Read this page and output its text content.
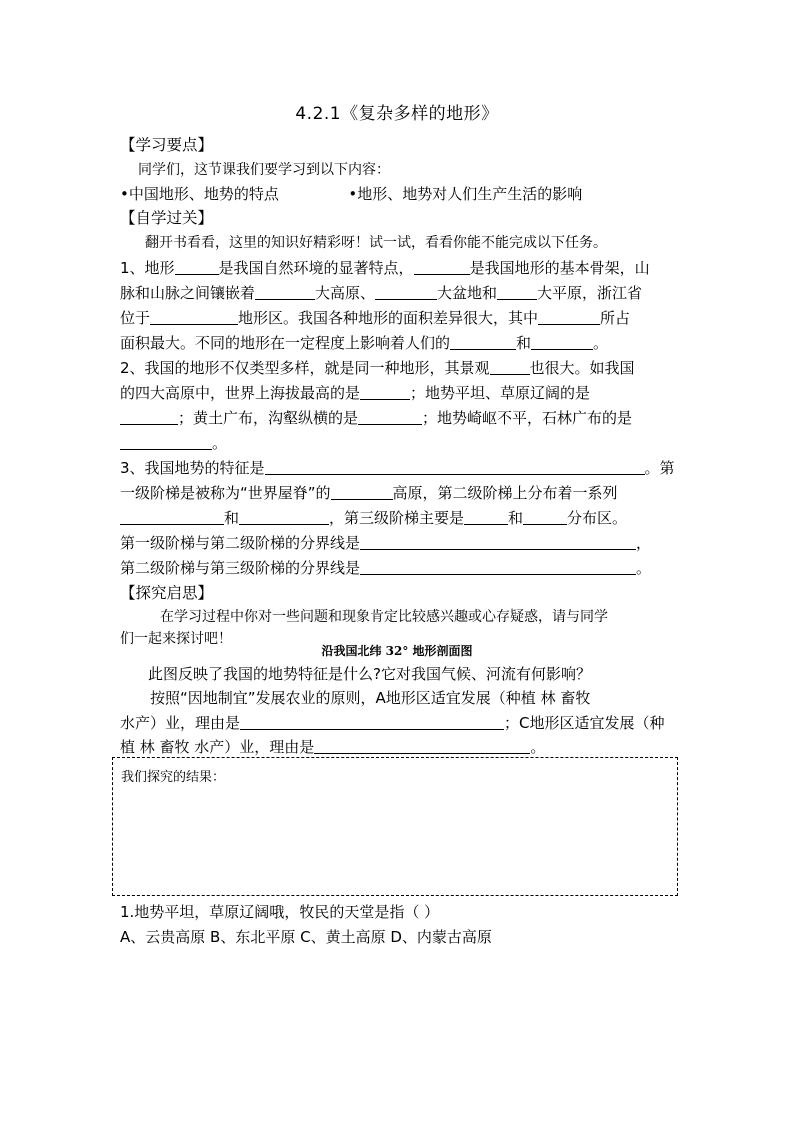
4.2.1《复杂多样的地形》
【学习要点】
同学们，这节课我们要学习到以下内容：
•中国地形、地势的特点	•地形、地势对人们生产生活的影响
【自学过关】
翻开书看看，这里的知识好精彩呀！试一试，看看你能不能完成以下任务。
1、地形	是我国自然环境的显著特点，	是我国地形的基本骨架，山
脉和山脉之间镶嵌着	大高原、	大盆地和	大平原，浙江省
位于	地形区。我国各种地形的面积差异很大，其中	所占
面积最大。不同的地形在一定程度上影响着人们的	和	。
2、我国的地形不仅类型多样，就是同一种地形，其景观	也很大。如我国
的四大高原中，世界上海拔最高的是	；地势平坦、草原辽阔的是
；黄土广布，沟壑纵横的是	；地势崎岖不平，石林广布的是
。
3、我国地势的特征是	。第
一级阶梯是被称为“世界屋脊”的	高原，第二级阶梯上分布着一系列
和	，第三级阶梯主要是	和	分布区。
第一级阶梯与第二级阶梯的分界线是	，
第二级阶梯与第三级阶梯的分界线是	。
【探究启思】
在学习过程中你对一些问题和现象肯定比较感兴趣或心存疑惑，请与同学
们一起来探讨吧！
沿我国北纬 32° 地形剖面图
此图反映了我国的地势特征是什么?它对我国气候、河流有何影响？
按照“因地制宜”发展农业的原则，A地形区适宜发展（种植 林 畜牧
水产）业，理由是	；C地形区适宜发展（种
植 林 畜牧 水产）业，理由是	。
我们探究的结果：
1.地势平坦，草原辽阔哦，牧民的天堂是指（ ）
A、云贵高原 B、东北平原 C、黄土高原 D、内蒙古高原
